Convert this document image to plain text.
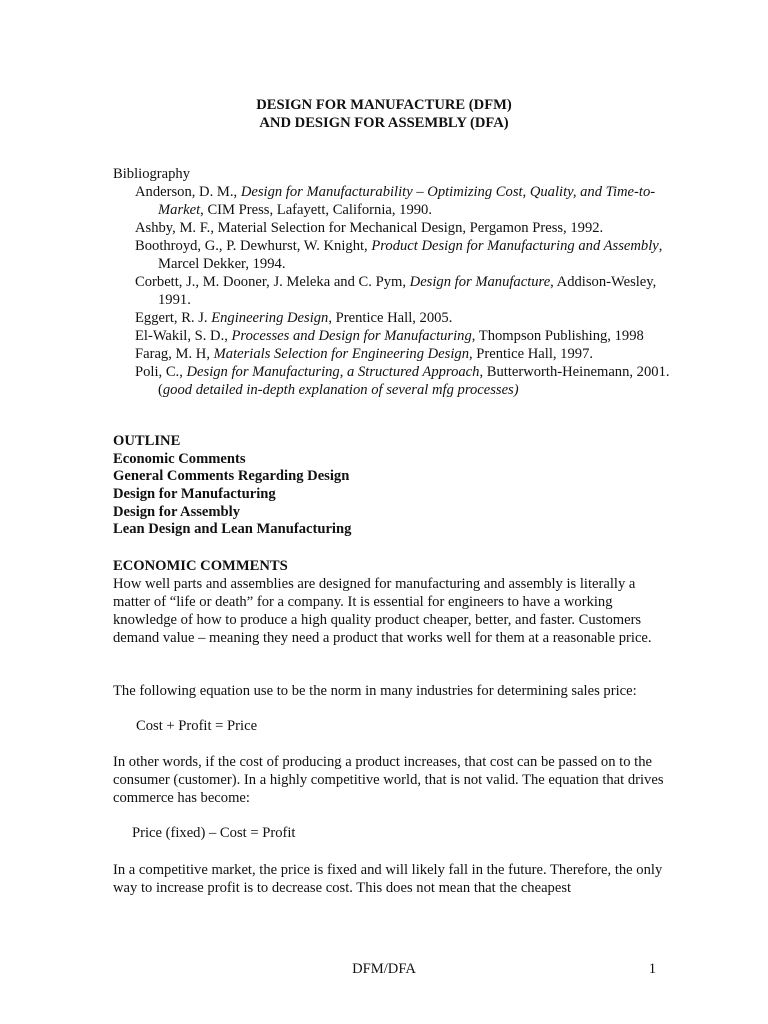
DESIGN FOR MANUFACTURE (DFM)
AND DESIGN FOR ASSEMBLY (DFA)
Bibliography
Anderson, D. M., Design for Manufacturability – Optimizing Cost, Quality, and Time-to-Market, CIM Press, Lafayett, California, 1990.
Ashby, M. F., Material Selection for Mechanical Design, Pergamon Press, 1992.
Boothroyd, G., P. Dewhurst, W. Knight, Product Design for Manufacturing and Assembly, Marcel Dekker, 1994.
Corbett, J., M. Dooner, J. Meleka and C. Pym, Design for Manufacture, Addison-Wesley, 1991.
Eggert, R. J. Engineering Design, Prentice Hall, 2005.
El-Wakil, S. D., Processes and Design for Manufacturing, Thompson Publishing, 1998
Farag, M. H, Materials Selection for Engineering Design, Prentice Hall, 1997.
Poli, C., Design for Manufacturing, a Structured Approach, Butterworth-Heinemann, 2001. (good detailed in-depth explanation of several mfg processes)
OUTLINE
Economic Comments
General Comments Regarding Design
Design for Manufacturing
Design for Assembly
Lean Design and Lean Manufacturing
ECONOMIC COMMENTS

How well parts and assemblies are designed for manufacturing and assembly is literally a matter of “life or death” for a company. It is essential for engineers to have a working knowledge of how to produce a high quality product cheaper, better, and faster. Customers demand value – meaning they need a product that works well for them at a reasonable price.

The following equation use to be the norm in many industries for determining sales price:

Cost + Profit = Price

In other words, if the cost of producing a product increases, that cost can be passed on to the consumer (customer). In a highly competitive world, that is not valid. The equation that drives commerce has become:

Price (fixed) – Cost = Profit

In a competitive market, the price is fixed and will likely fall in the future. Therefore, the only way to increase profit is to decrease cost. This does not mean that the cheapest

DFM/DFA	1
